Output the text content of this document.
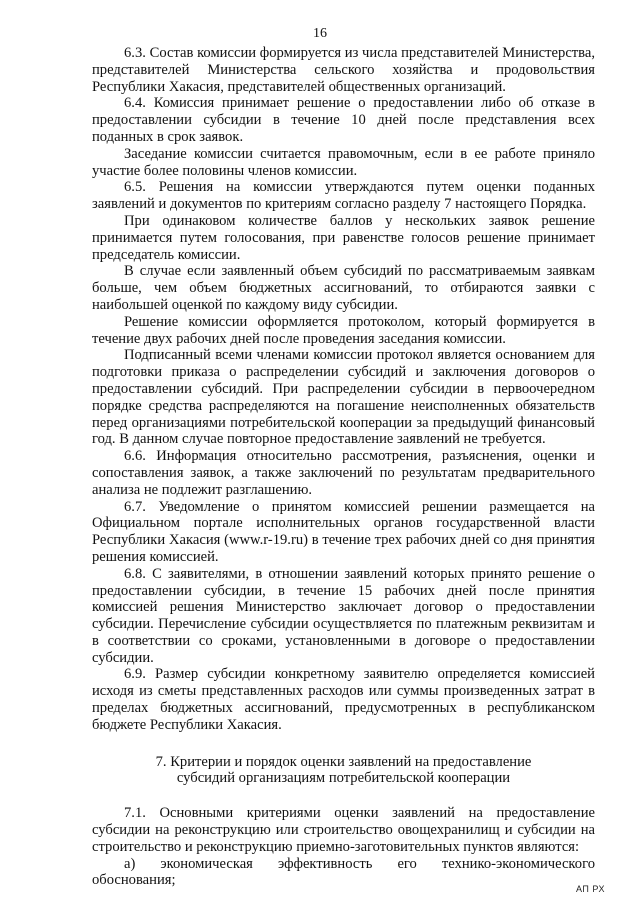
16

6.3. Состав комиссии формируется из числа представителей Министерства, представителей Министерства сельского хозяйства и продовольствия Республики Хакасия, представителей общественных организаций.

6.4. Комиссия принимает решение о предоставлении либо об отказе в предоставлении субсидии в течение 10 дней после представления всех поданных в срок заявок.

Заседание комиссии считается правомочным, если в ее работе приняло участие более половины членов комиссии.

6.5. Решения на комиссии утверждаются путем оценки поданных заявлений и документов по критериям согласно разделу 7 настоящего Порядка.

При одинаковом количестве баллов у нескольких заявок решение принимается путем голосования, при равенстве голосов решение принимает председатель комиссии.

В случае если заявленный объем субсидий по рассматриваемым заявкам больше, чем объем бюджетных ассигнований, то отбираются заявки с наибольшей оценкой по каждому виду субсидии.

Решение комиссии оформляется протоколом, который формируется в течение двух рабочих дней после проведения заседания комиссии.

Подписанный всеми членами комиссии протокол является основанием для подготовки приказа о распределении субсидий и заключения договоров о предоставлении субсидий. При распределении субсидии в первоочередном порядке средства распределяются на погашение неисполненных обязательств перед организациями потребительской кооперации за предыдущий финансовый год. В данном случае повторное предоставление заявлений не требуется.

6.6. Информация относительно рассмотрения, разъяснения, оценки и сопоставления заявок, а также заключений по результатам предварительного анализа не подлежит разглашению.

6.7. Уведомление о принятом комиссией решении размещается на Официальном портале исполнительных органов государственной власти Республики Хакасия (www.r-19.ru) в течение трех рабочих дней со дня принятия решения комиссией.

6.8. С заявителями, в отношении заявлений которых принято решение о предоставлении субсидии, в течение 15 рабочих дней после принятия комиссией решения Министерство заключает договор о предоставлении субсидии. Перечисление субсидии осуществляется по платежным реквизитам и в соответствии со сроками, установленными в договоре о предоставлении субсидии.

6.9. Размер субсидии конкретному заявителю определяется комиссией исходя из сметы представленных расходов или суммы произведенных затрат в пределах бюджетных ассигнований, предусмотренных в республиканском бюджете Республики Хакасия.

7. Критерии и порядок оценки заявлений на предоставление
субсидий организациям потребительской кооперации

7.1. Основными критериями оценки заявлений на предоставление субсидии на реконструкцию или строительство овощехранилищ и субсидии на строительство и реконструкцию приемно-заготовительных пунктов являются:

а) экономическая эффективность его технико-экономического обоснования;

АП РХ
